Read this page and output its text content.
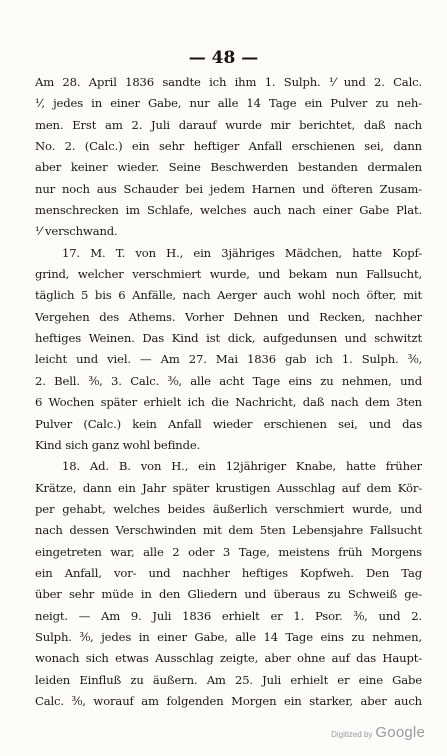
— 48 —
Am 28. April 1836 sandte ich ihm 1. Sulph. ⅟ und 2. Calc.
⅟, jedes in einer Gabe, nur alle 14 Tage ein Pulver zu neh-
men. Erst am 2. Juli darauf wurde mir berichtet, daß nach
No. 2. (Calc.) ein sehr heftiger Anfall erschienen sei, dann
aber keiner wieder. Seine Beschwerden bestanden dermalen
nur noch aus Schauder bei jedem Harnen und öfteren Zusam-
menschrecken im Schlafe, welches auch nach einer Gabe Plat.
⅟ verschwand.
17. M. T. von H., ein 3jähriges Mädchen, hatte Kopf-
grind, welcher verschmiert wurde, und bekam nun Fallsucht,
täglich 5 bis 6 Anfälle, nach Aerger auch wohl noch öfter, mit
Vergehen des Athems. Vorher Dehnen und Recken, nachher
heftiges Weinen. Das Kind ist dick, aufgedunsen und schwitzt
leicht und viel. — Am 27. Mai 1836 gab ich 1. Sulph. ³⁄₀,
2. Bell. ³⁄₀, 3. Calc. ³⁄₀, alle acht Tage eins zu nehmen, und
6 Wochen später erhielt ich die Nachricht, daß nach dem 3ten
Pulver (Calc.) kein Anfall wieder erschienen sei, und das
Kind sich ganz wohl befinde.
18. Ad. B. von H., ein 12jähriger Knabe, hatte früher
Krätze, dann ein Jahr später krustigen Ausschlag auf dem Kör-
per gehabt, welches beides äußerlich verschmiert wurde, und
nach dessen Verschwinden mit dem 5ten Lebensjahre Fallsucht
eingetreten war, alle 2 oder 3 Tage, meistens früh Morgens
ein Anfall, vor- und nachher heftiges Kopfweh. Den Tag
über sehr müde in den Gliedern und überaus zu Schweiß ge-
neigt. — Am 9. Juli 1836 erhielt er 1. Psor. ³⁄₀, und 2.
Sulph. ³⁄₀, jedes in einer Gabe, alle 14 Tage eins zu nehmen,
wonach sich etwas Ausschlag zeigte, aber ohne auf das Haupt-
leiden Einfluß zu äußern. Am 25. Juli erhielt er eine Gabe
Calc. ³⁄₀, worauf am folgenden Morgen ein starker, aber auch
Digitized by Google
